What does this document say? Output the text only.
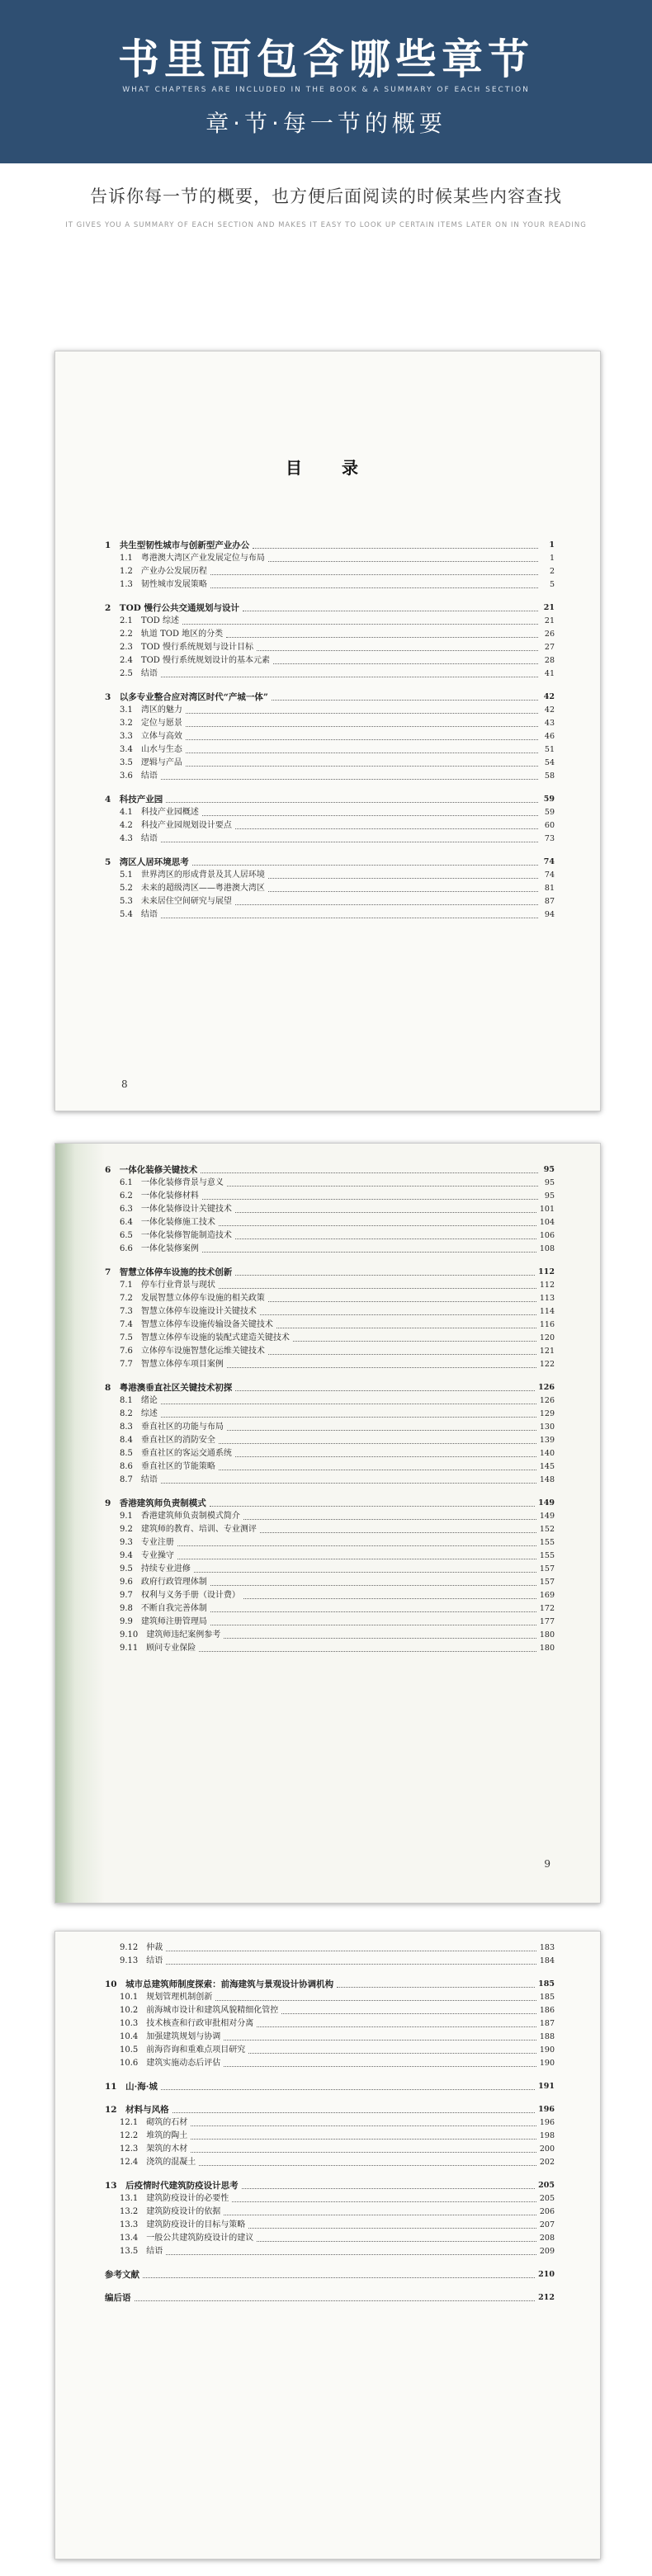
书里面包含哪些章节
WHAT CHAPTERS ARE INCLUDED IN THE BOOK & A SUMMARY OF EACH SECTION
章·节·每一节的概要
告诉你每一节的概要，也方便后面阅读的时候某些内容查找
IT GIVES YOU A SUMMARY OF EACH SECTION AND MAKES IT EASY TO LOOK UP CERTAIN ITEMS LATER ON IN YOUR READING
目　录
1　共生型韧性城市与创新型产业办公	1
1.1　粤港澳大湾区产业发展定位与布局	1
1.2　产业办公发展历程	2
1.3　韧性城市发展策略	5
2　TOD 慢行公共交通规划与设计	21
2.1　TOD 综述	21
2.2　轨道 TOD 地区的分类	26
2.3　TOD 慢行系统规划与设计目标	27
2.4　TOD 慢行系统规划设计的基本元素	28
2.5　结语	41
3　以多专业整合应对湾区时代“产城一体”	42
3.1　湾区的魅力	42
3.2　定位与愿景	43
3.3　立体与高效	46
3.4　山水与生态	51
3.5　逻辑与产品	54
3.6　结语	58
4　科技产业园	59
4.1　科技产业园概述	59
4.2　科技产业园规划设计要点	60
4.3　结语	73
5　湾区人居环境思考	74
5.1　世界湾区的形成背景及其人居环境	74
5.2　未来的超级湾区——粤港澳大湾区	81
5.3　未来居住空间研究与展望	87
5.4　结语	94
8
6　一体化装修关键技术	95
6.1　一体化装修背景与意义	95
6.2　一体化装修材料	95
6.3　一体化装修设计关键技术	101
6.4　一体化装修施工技术	104
6.5　一体化装修智能制造技术	106
6.6　一体化装修案例	108
7　智慧立体停车设施的技术创新	112
7.1　停车行业背景与现状	112
7.2　发展智慧立体停车设施的相关政策	113
7.3　智慧立体停车设施设计关键技术	114
7.4　智慧立体停车设施传输设备关键技术	116
7.5　智慧立体停车设施的装配式建造关键技术	120
7.6　立体停车设施智慧化运维关键技术	121
7.7　智慧立体停车项目案例	122
8　粤港澳垂直社区关键技术初探	126
8.1　绪论	126
8.2　综述	129
8.3　垂直社区的功能与布局	130
8.4　垂直社区的消防安全	139
8.5　垂直社区的客运交通系统	140
8.6　垂直社区的节能策略	145
8.7　结语	148
9　香港建筑师负责制模式	149
9.1　香港建筑师负责制模式简介	149
9.2　建筑师的教育、培训、专业测评	152
9.3　专业注册	155
9.4　专业操守	155
9.5　持续专业进修	157
9.6　政府行政管理体制	157
9.7　权利与义务手册（设计费）	169
9.8　不断自我完善体制	172
9.9　建筑师注册管理局	177
9.10　建筑师违纪案例参考	180
9.11　顾问专业保险	180
9
9.12　仲裁	183
9.13　结语	184
10　城市总建筑师制度探索：前海建筑与景观设计协调机构	185
10.1　规划管理机制创新	185
10.2　前海城市设计和建筑风貌精细化管控	186
10.3　技术核查和行政审批相对分离	187
10.4　加强建筑规划与协调	188
10.5　前海咨询和重难点项目研究	190
10.6　建筑实施动态后评估	190
11　山·海·城	191
12　材料与风格	196
12.1　砌筑的石材	196
12.2　堆筑的陶土	198
12.3　架筑的木材	200
12.4　浇筑的混凝土	202
13　后疫情时代建筑防疫设计思考	205
13.1　建筑防疫设计的必要性	205
13.2　建筑防疫设计的依据	206
13.3　建筑防疫设计的目标与策略	207
13.4　一般公共建筑防疫设计的建议	208
13.5　结语	209
参考文献	210
编后语	212
